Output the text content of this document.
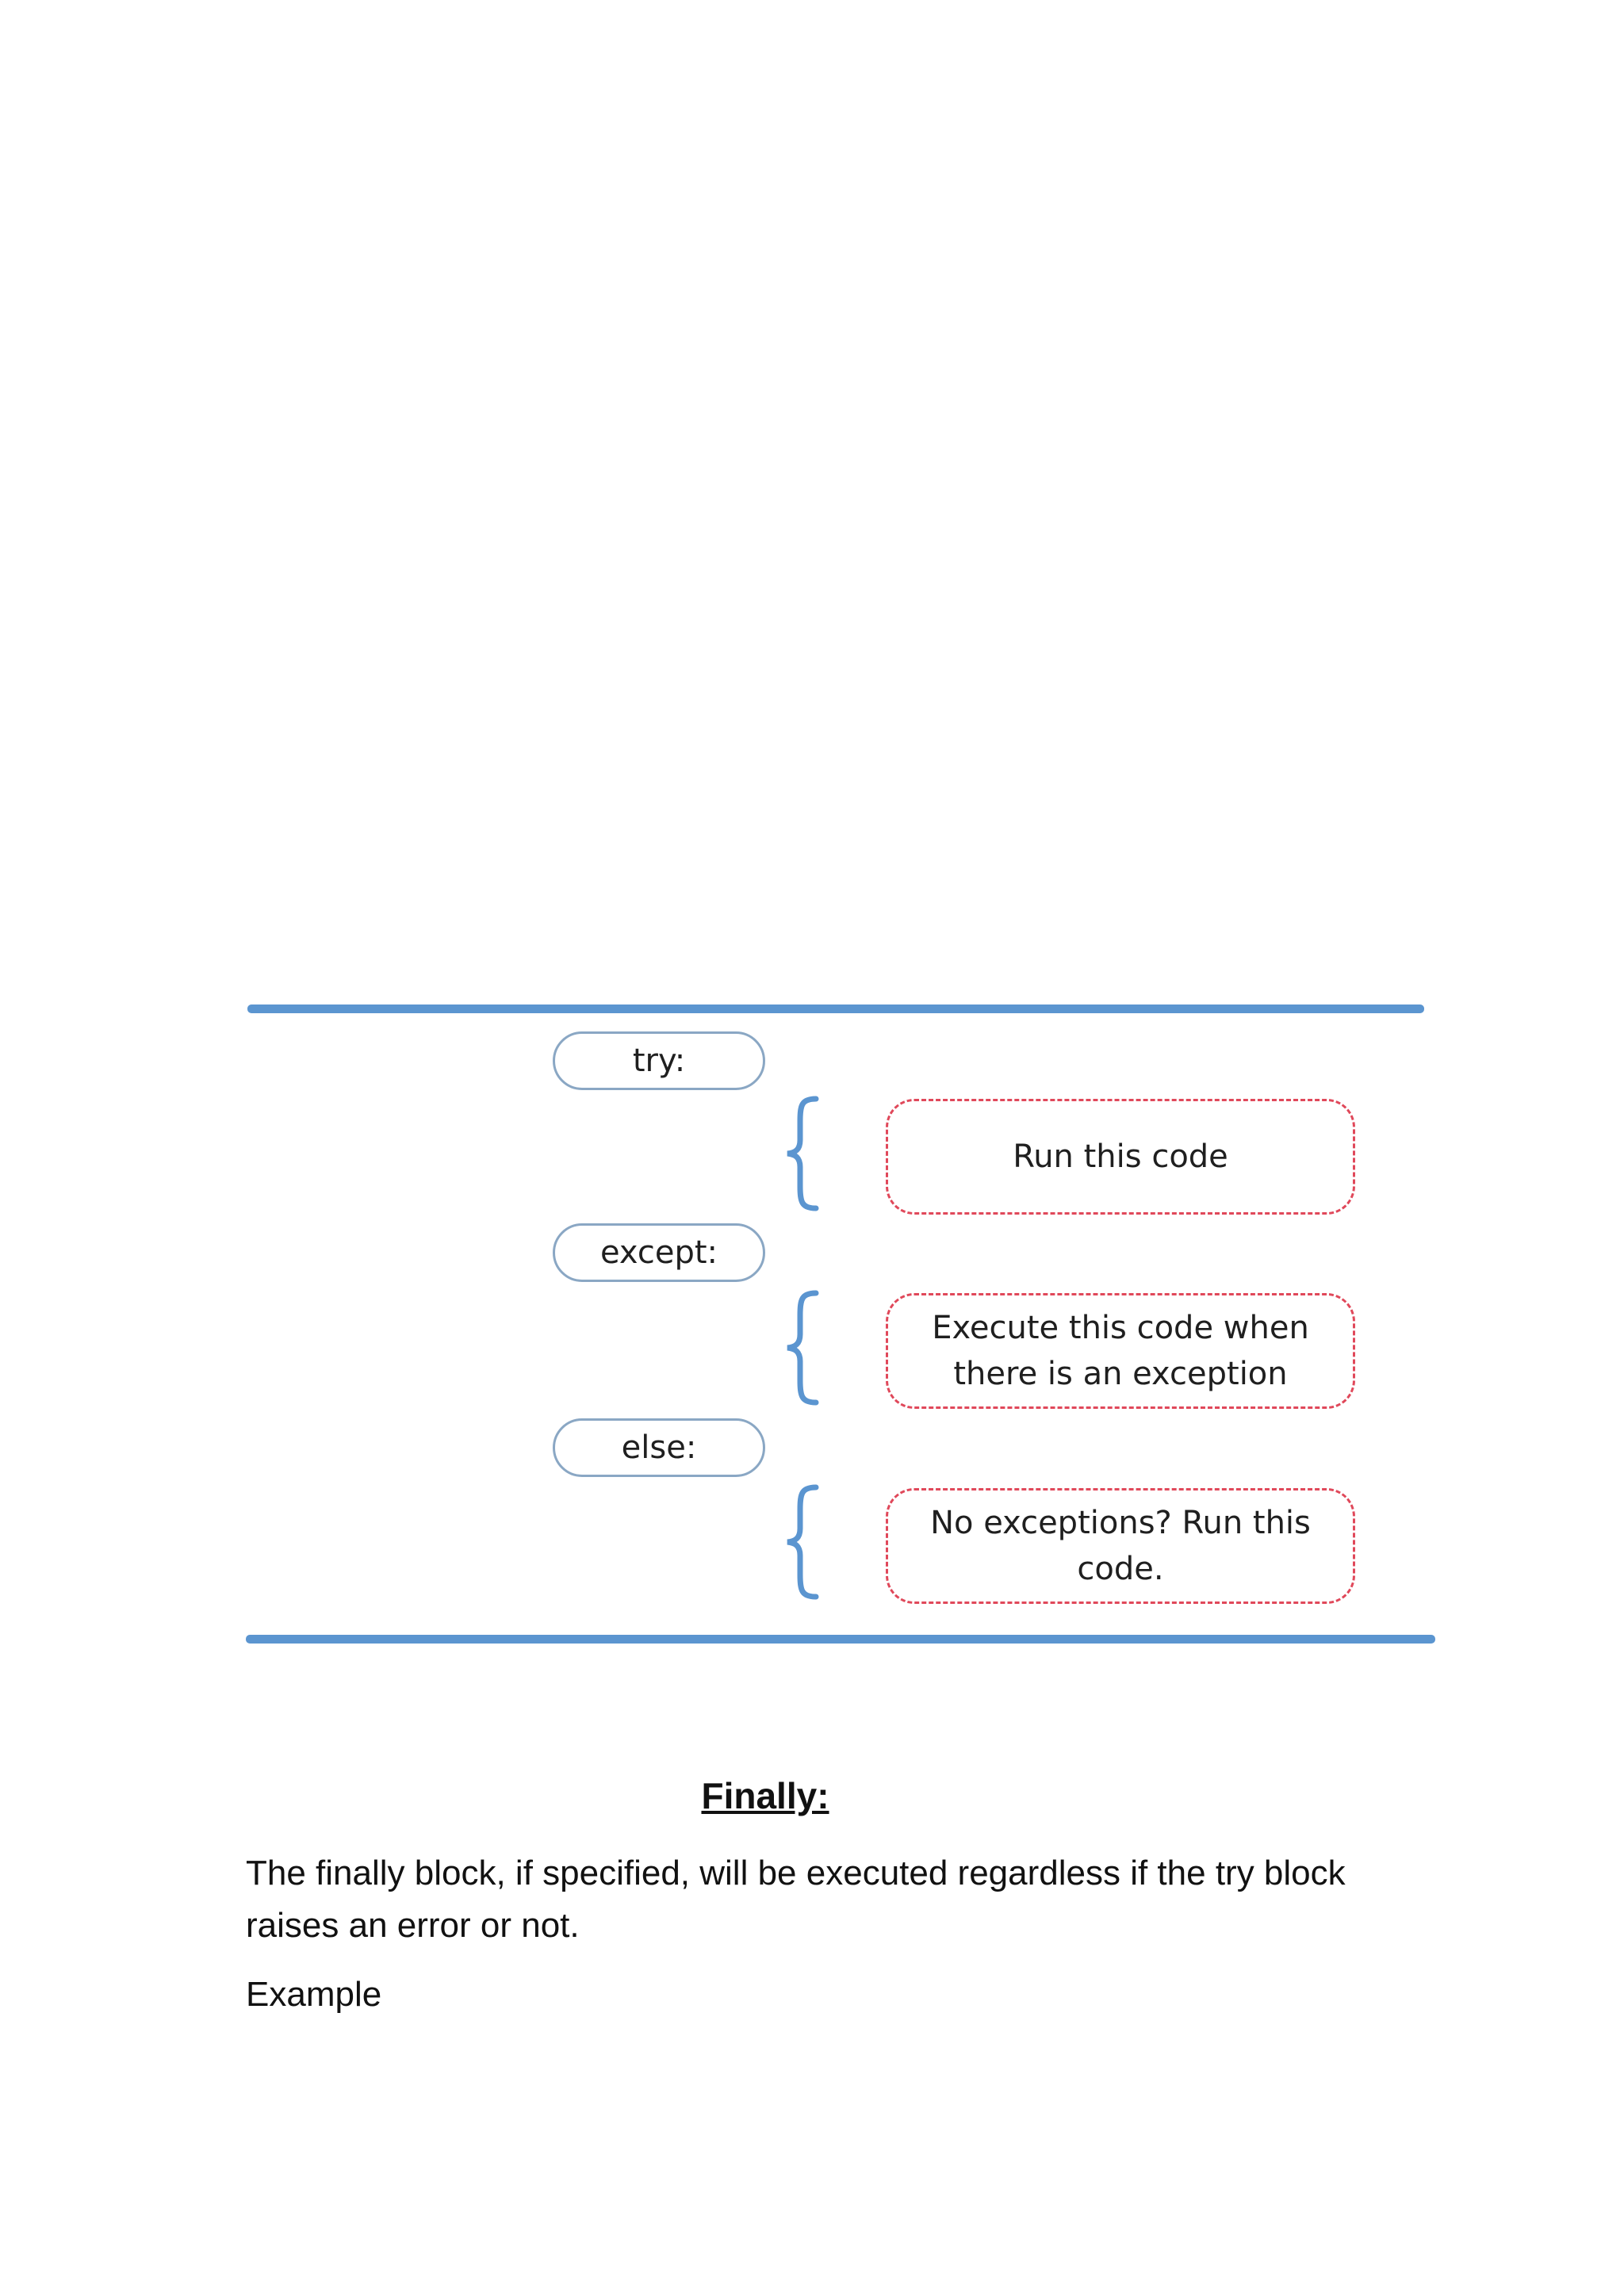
try:
Run this code
except:
Execute this code when there is an exception
else:
No exceptions? Run this code.
Finally:
The finally block, if specified, will be executed regardless if the try block raises an error or not.
Example
